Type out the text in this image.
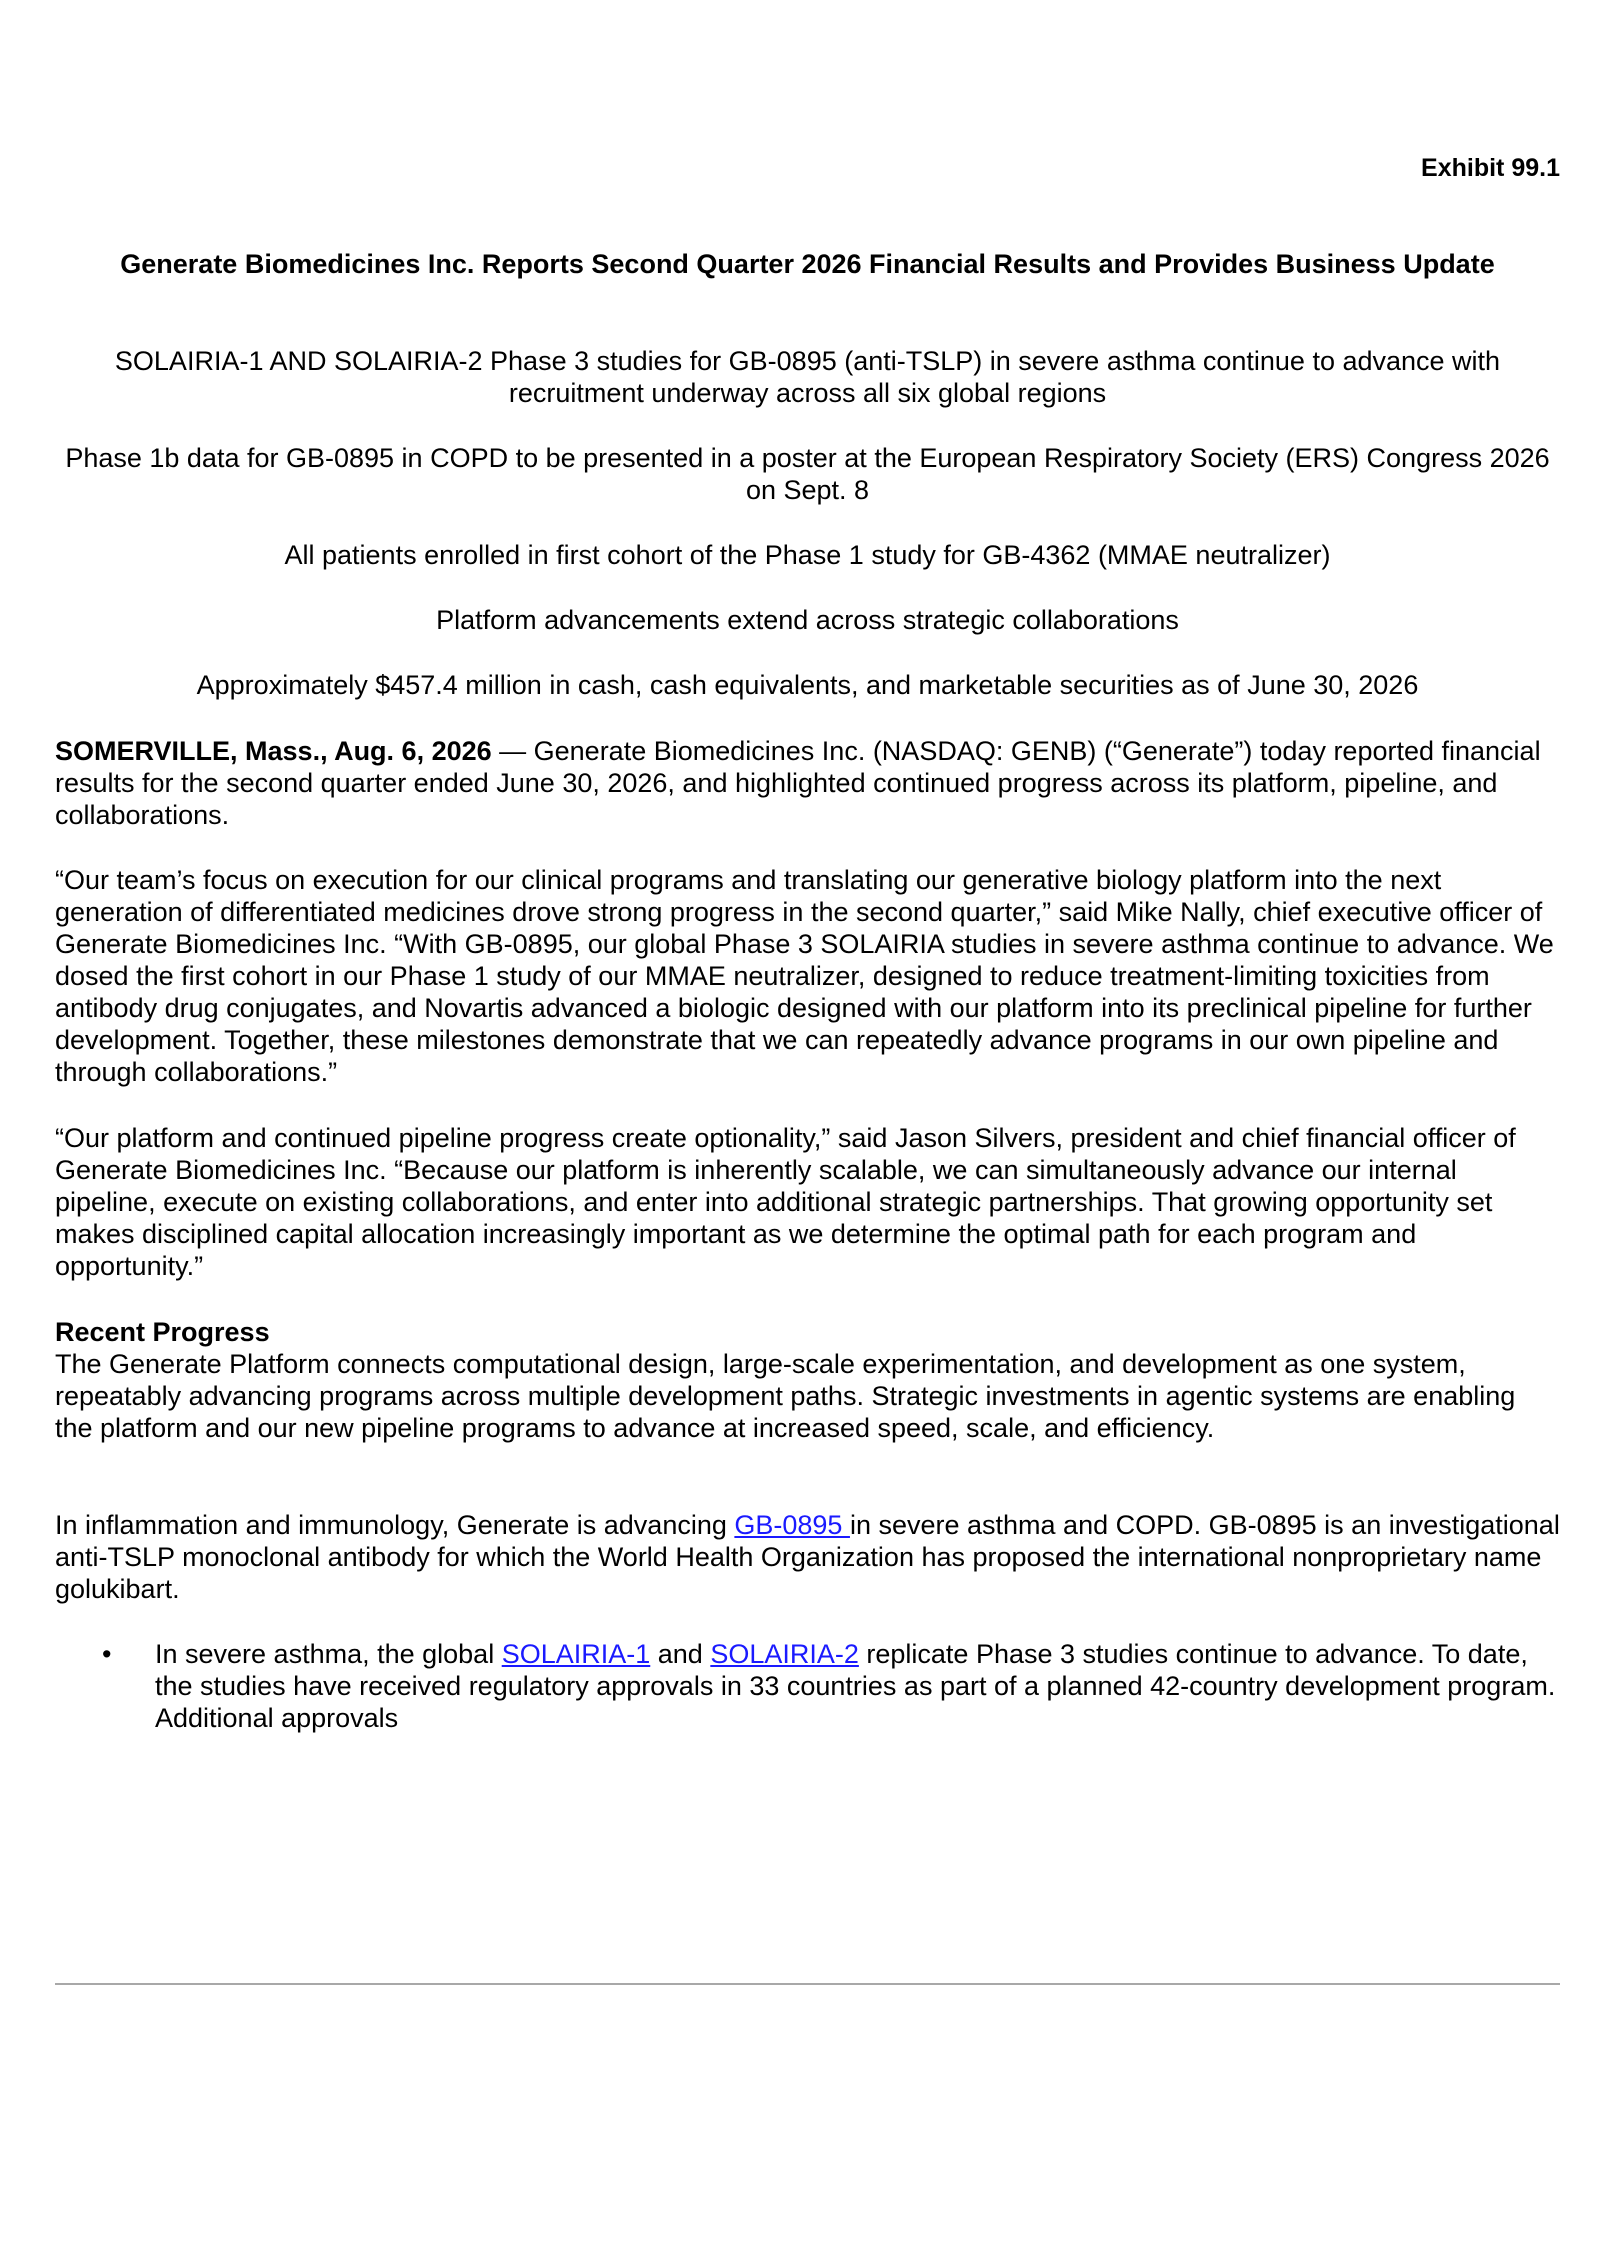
Exhibit 99.1
Generate Biomedicines Inc. Reports Second Quarter 2026 Financial Results and Provides Business Update
SOLAIRIA-1 AND SOLAIRIA-2 Phase 3 studies for GB-0895 (anti-TSLP) in severe asthma continue to advance with recruitment underway across all six global regions
Phase 1b data for GB-0895 in COPD to be presented in a poster at the European Respiratory Society (ERS) Congress 2026 on Sept. 8
All patients enrolled in first cohort of the Phase 1 study for GB-4362 (MMAE neutralizer)
Platform advancements extend across strategic collaborations
Approximately $457.4 million in cash, cash equivalents, and marketable securities as of June 30, 2026
SOMERVILLE, Mass., Aug. 6, 2026 — Generate Biomedicines Inc. (NASDAQ: GENB) (“Generate”) today reported financial results for the second quarter ended June 30, 2026, and highlighted continued progress across its platform, pipeline, and collaborations.
“Our team’s focus on execution for our clinical programs and translating our generative biology platform into the next generation of differentiated medicines drove strong progress in the second quarter,” said Mike Nally, chief executive officer of Generate Biomedicines Inc. “With GB-0895, our global Phase 3 SOLAIRIA studies in severe asthma continue to advance. We dosed the first cohort in our Phase 1 study of our MMAE neutralizer, designed to reduce treatment-limiting toxicities from antibody drug conjugates, and Novartis advanced a biologic designed with our platform into its preclinical pipeline for further development. Together, these milestones demonstrate that we can repeatedly advance programs in our own pipeline and through collaborations.”
“Our platform and continued pipeline progress create optionality,” said Jason Silvers, president and chief financial officer of Generate Biomedicines Inc. “Because our platform is inherently scalable, we can simultaneously advance our internal pipeline, execute on existing collaborations, and enter into additional strategic partnerships. That growing opportunity set makes disciplined capital allocation increasingly important as we determine the optimal path for each program and opportunity.”
Recent Progress
The Generate Platform connects computational design, large-scale experimentation, and development as one system, repeatably advancing programs across multiple development paths. Strategic investments in agentic systems are enabling the platform and our new pipeline programs to advance at increased speed, scale, and efficiency.
In inflammation and immunology, Generate is advancing GB-0895 in severe asthma and COPD. GB-0895 is an investigational anti-TSLP monoclonal antibody for which the World Health Organization has proposed the international nonproprietary name golukibart.
• In severe asthma, the global SOLAIRIA-1 and SOLAIRIA-2 replicate Phase 3 studies continue to advance. To date, the studies have received regulatory approvals in 33 countries as part of a planned 42-country development program. Additional approvals
